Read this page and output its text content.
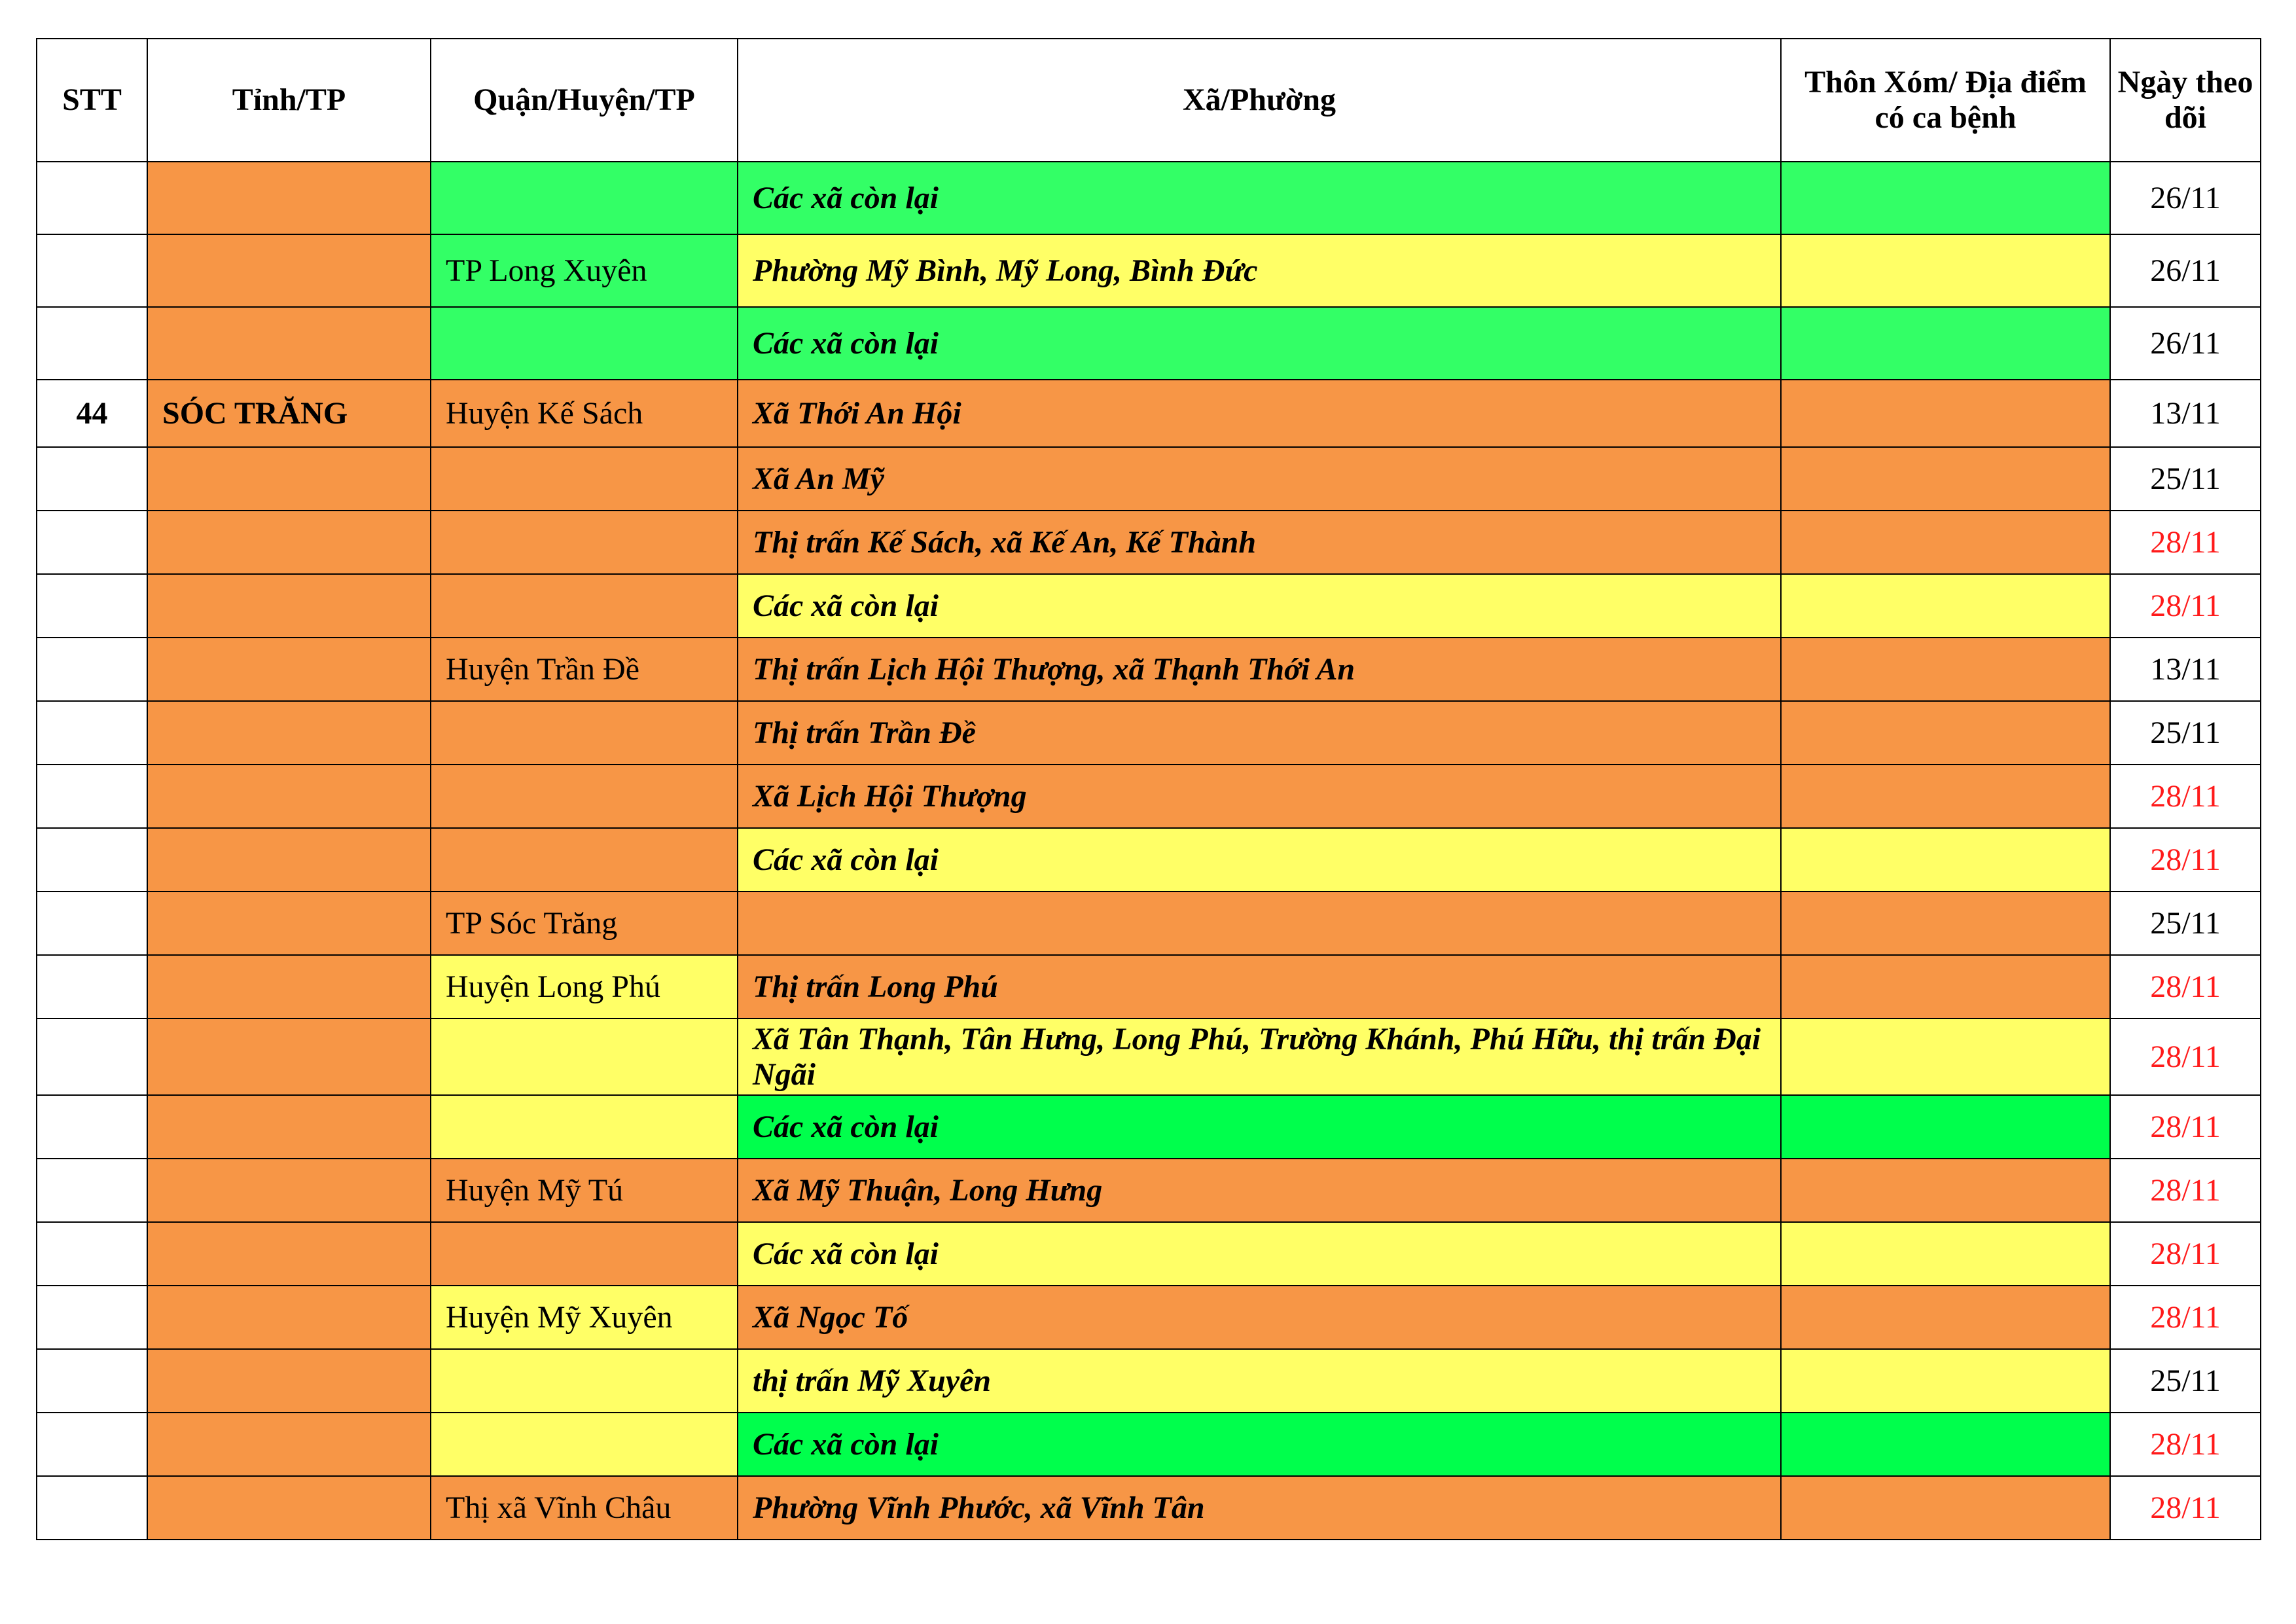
STT	Tỉnh/TP	Quận/Huyện/TP	Xã/Phường	Thôn Xóm/ Địa điểm có ca bệnh	Ngày theo dõi
			Các xã còn lại		26/11
		TP Long Xuyên	Phường Mỹ Bình, Mỹ Long, Bình Đức		26/11
			Các xã còn lại		26/11
44	SÓC TRĂNG	Huyện Kế Sách	Xã Thới An Hội		13/11
			Xã An Mỹ		25/11
			Thị trấn Kế Sách, xã Kế An, Kế Thành		28/11
			Các xã còn lại		28/11
		Huyện Trần Đề	Thị trấn Lịch Hội Thượng, xã Thạnh Thới An		13/11
			Thị trấn Trần Đề		25/11
			Xã Lịch Hội Thượng		28/11
			Các xã còn lại		28/11
		TP Sóc Trăng			25/11
		Huyện Long Phú	Thị trấn Long Phú		28/11
			Xã Tân Thạnh, Tân Hưng, Long Phú, Trường Khánh, Phú Hữu, thị trấn Đại Ngãi		28/11
			Các xã còn lại		28/11
		Huyện Mỹ Tú	Xã Mỹ Thuận, Long Hưng		28/11
			Các xã còn lại		28/11
		Huyện Mỹ Xuyên	Xã Ngọc Tố		28/11
			thị trấn Mỹ Xuyên		25/11
			Các xã còn lại		28/11
		Thị xã Vĩnh Châu	Phường Vĩnh Phước, xã Vĩnh Tân		28/11
